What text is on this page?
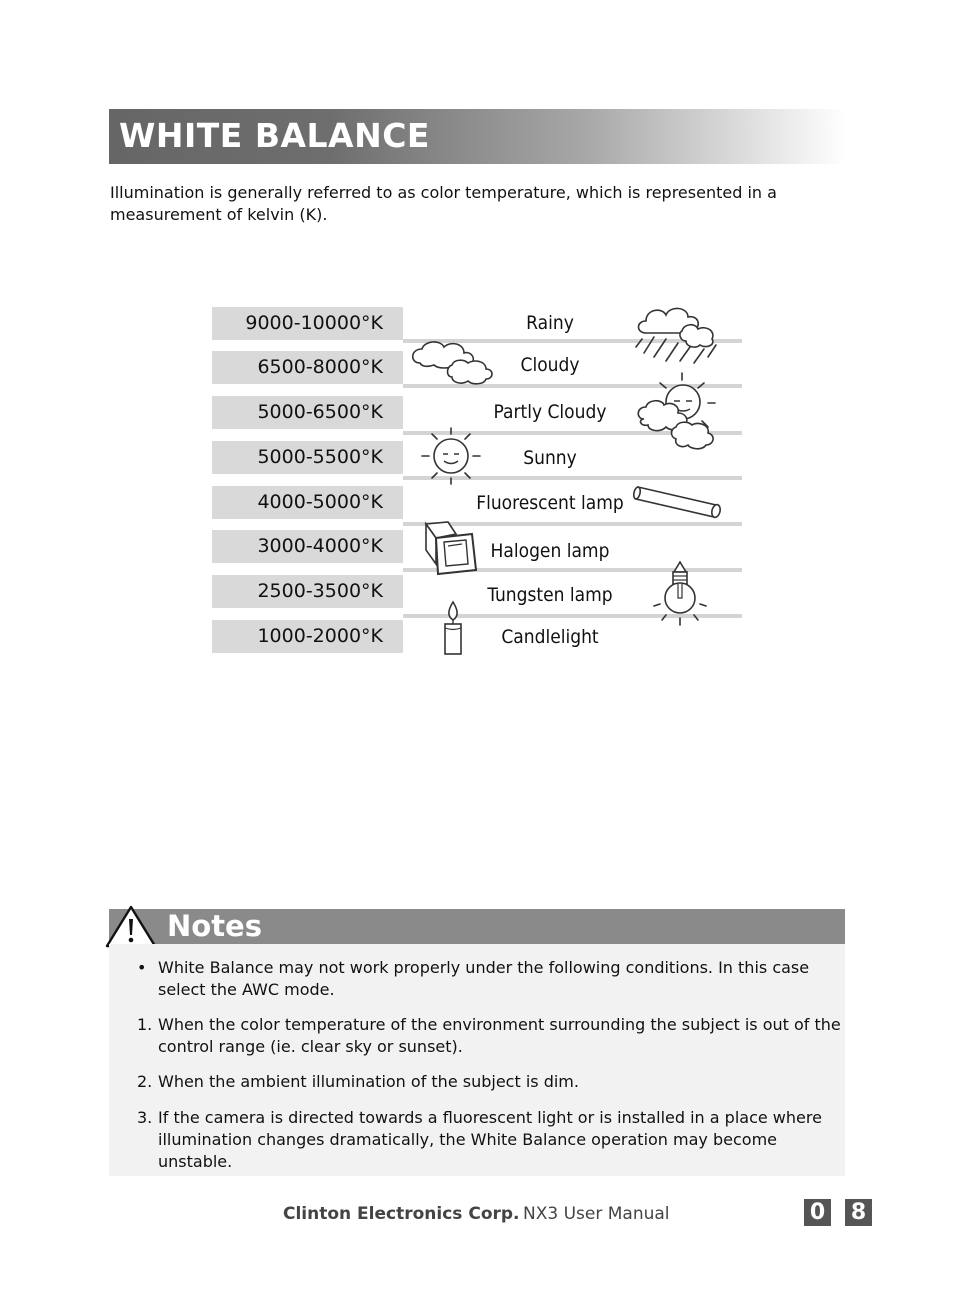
WHITE BALANCE
Illumination is generally referred to as color temperature, which is represented in a measurement of kelvin (K).
9000-10000°K
6500-8000°K
5000-6500°K
5000-5500°K
4000-5000°K
3000-4000°K
2500-3500°K
1000-2000°K
Rainy
Cloudy
Partly Cloudy
Sunny
Fluorescent lamp
Halogen lamp
Tungsten lamp
Candlelight
Notes
• White Balance may not work properly under the following conditions. In this case select the AWC mode.
1. When the color temperature of the environment surrounding the subject is out of the control range (ie. clear sky or sunset).
2. When the ambient illumination of the subject is dim.
3. If the camera is directed towards a fluorescent light or is installed in a place where illumination changes dramatically, the White Balance operation may become unstable.
Clinton Electronics Corp. NX3 User Manual	0 8
